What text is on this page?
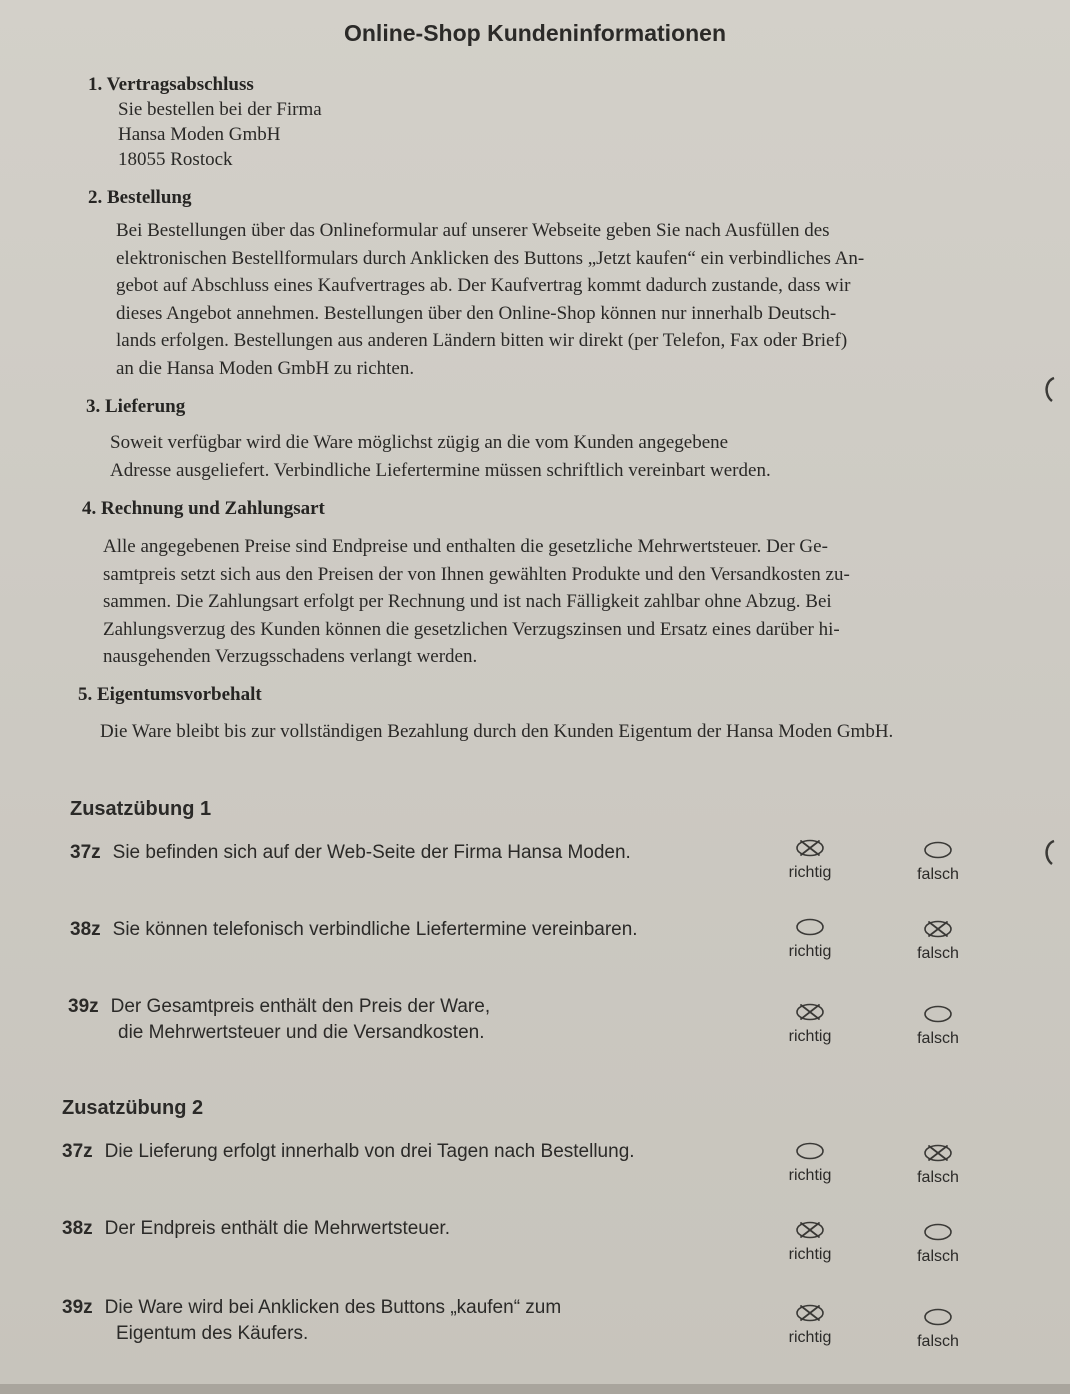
Online-Shop Kundeninformationen
1. Vertragsabschluss
Sie bestellen bei der Firma
Hansa Moden GmbH
18055 Rostock
2. Bestellung
Bei Bestellungen über das Onlineformular auf unserer Webseite geben Sie nach Ausfüllen des
elektronischen Bestellformulars durch Anklicken des Buttons „Jetzt kaufen“ ein verbindliches An-
gebot auf Abschluss eines Kaufvertrages ab. Der Kaufvertrag kommt dadurch zustande, dass wir
dieses Angebot annehmen. Bestellungen über den Online-Shop können nur innerhalb Deutsch-
lands erfolgen. Bestellungen aus anderen Ländern bitten wir direkt (per Telefon, Fax oder Brief)
an die Hansa Moden GmbH zu richten.
3. Lieferung
Soweit verfügbar wird die Ware möglichst zügig an die vom Kunden angegebene
Adresse ausgeliefert. Verbindliche Liefertermine müssen schriftlich vereinbart werden.
4. Rechnung und Zahlungsart
Alle angegebenen Preise sind Endpreise und enthalten die gesetzliche Mehrwertsteuer. Der Ge-
samtpreis setzt sich aus den Preisen der von Ihnen gewählten Produkte und den Versandkosten zu-
sammen. Die Zahlungsart erfolgt per Rechnung und ist nach Fälligkeit zahlbar ohne Abzug. Bei
Zahlungsverzug des Kunden können die gesetzlichen Verzugszinsen und Ersatz eines darüber hi-
nausgehenden Verzugsschadens verlangt werden.
5. Eigentumsvorbehalt
Die Ware bleibt bis zur vollständigen Bezahlung durch den Kunden Eigentum der Hansa Moden GmbH.
Zusatzübung 1
37z Sie befinden sich auf der Web-Seite der Firma Hansa Moden.
richtig	falsch
38z Sie können telefonisch verbindliche Liefertermine vereinbaren.
richtig	falsch
39z Der Gesamtpreis enthält den Preis der Ware,
die Mehrwertsteuer und die Versandkosten.	richtig	falsch
Zusatzübung 2
37z Die Lieferung erfolgt innerhalb von drei Tagen nach Bestellung.
richtig	falsch
38z Der Endpreis enthält die Mehrwertsteuer.
richtig	falsch
39z Die Ware wird bei Anklicken des Buttons „kaufen“ zum
Eigentum des Käufers.	richtig	falsch
